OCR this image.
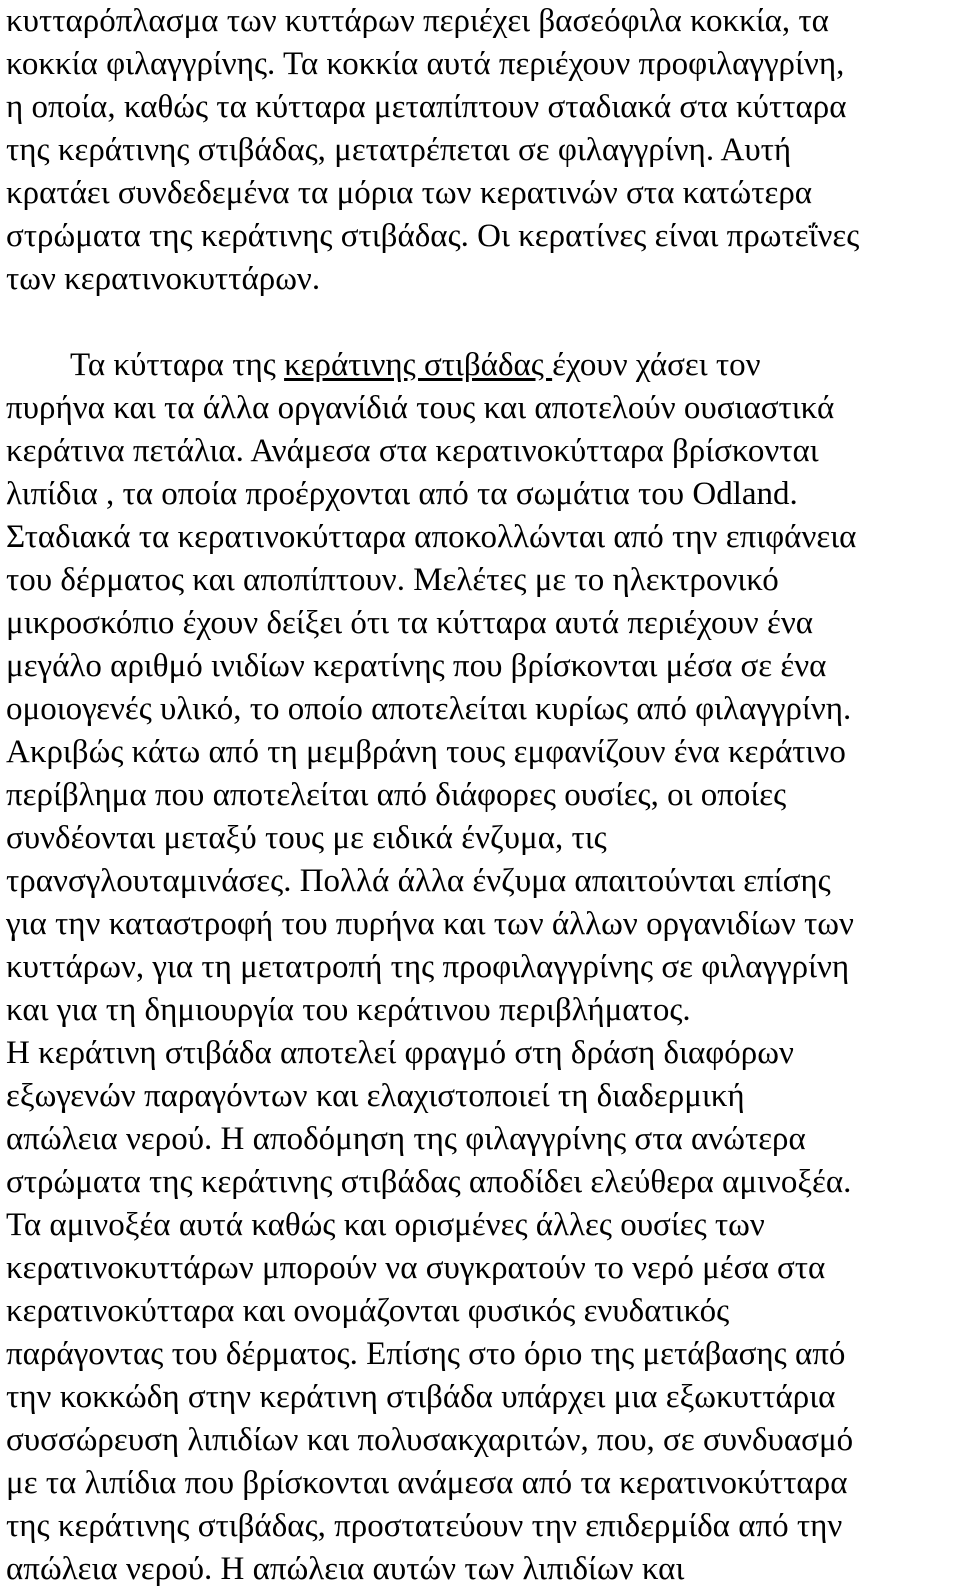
κυτταρόπλασμα των κυττάρων περιέχει βασεόφιλα κοκκία, τα
κοκκία φιλαγγρίνης. Τα κοκκία αυτά περιέχουν προφιλαγγρίνη,
η οποία, καθώς τα κύτταρα μεταπίπτουν σταδιακά στα κύτταρα
της κεράτινης στιβάδας, μετατρέπεται σε φιλαγγρίνη. Αυτή
κρατάει συνδεδεμένα τα μόρια των κερατινών στα κατώτερα
στρώματα της κεράτινης στιβάδας. Οι κερατίνες είναι πρωτεΐνες
των κερατινοκυττάρων.
Τα κύτταρα της κεράτινης στιβάδας έχουν χάσει τον
πυρήνα και τα άλλα οργανίδιά τους και αποτελούν ουσιαστικά
κεράτινα πετάλια. Ανάμεσα στα κερατινοκύτταρα βρίσκονται
λιπίδια , τα οποία προέρχονται από τα σωμάτια του Odland.
Σταδιακά τα κερατινοκύτταρα αποκολλώνται από την επιφάνεια
του δέρματος και αποπίπτουν. Μελέτες με το ηλεκτρονικό
μικροσκόπιο έχουν δείξει ότι τα κύτταρα αυτά περιέχουν ένα
μεγάλο αριθμό ινιδίων κερατίνης που βρίσκονται μέσα σε ένα
ομοιογενές υλικό, το οποίο αποτελείται κυρίως από φιλαγγρίνη.
Ακριβώς κάτω από τη μεμβράνη τους εμφανίζουν ένα κεράτινο
περίβλημα που αποτελείται από διάφορες ουσίες, οι οποίες
συνδέονται μεταξύ τους με ειδικά ένζυμα, τις
τρανσγλουταμινάσες. Πολλά άλλα ένζυμα απαιτούνται επίσης
για την καταστροφή του πυρήνα και των άλλων οργανιδίων των
κυττάρων, για τη μετατροπή της προφιλαγγρίνης σε φιλαγγρίνη
και για τη δημιουργία του κεράτινου περιβλήματος.
Η κεράτινη στιβάδα αποτελεί φραγμό στη δράση διαφόρων
εξωγενών παραγόντων και ελαχιστοποιεί τη διαδερμική
απώλεια νερού. Η αποδόμηση της φιλαγγρίνης στα ανώτερα
στρώματα της κεράτινης στιβάδας αποδίδει ελεύθερα αμινοξέα.
Τα αμινοξέα αυτά καθώς και ορισμένες άλλες ουσίες των
κερατινοκυττάρων μπορούν να συγκρατούν το νερό μέσα στα
κερατινοκύτταρα και ονομάζονται φυσικός ενυδατικός
παράγοντας του δέρματος. Επίσης στο όριο της μετάβασης από
την κοκκώδη στην κεράτινη στιβάδα υπάρχει μια εξωκυττάρια
συσσώρευση λιπιδίων και πολυσακχαριτών, που, σε συνδυασμό
με τα λιπίδια που βρίσκονται ανάμεσα από τα κερατινοκύτταρα
της κεράτινης στιβάδας, προστατεύουν την επιδερμίδα από την
απώλεια νερού. Η απώλεια αυτών των λιπιδίων και
